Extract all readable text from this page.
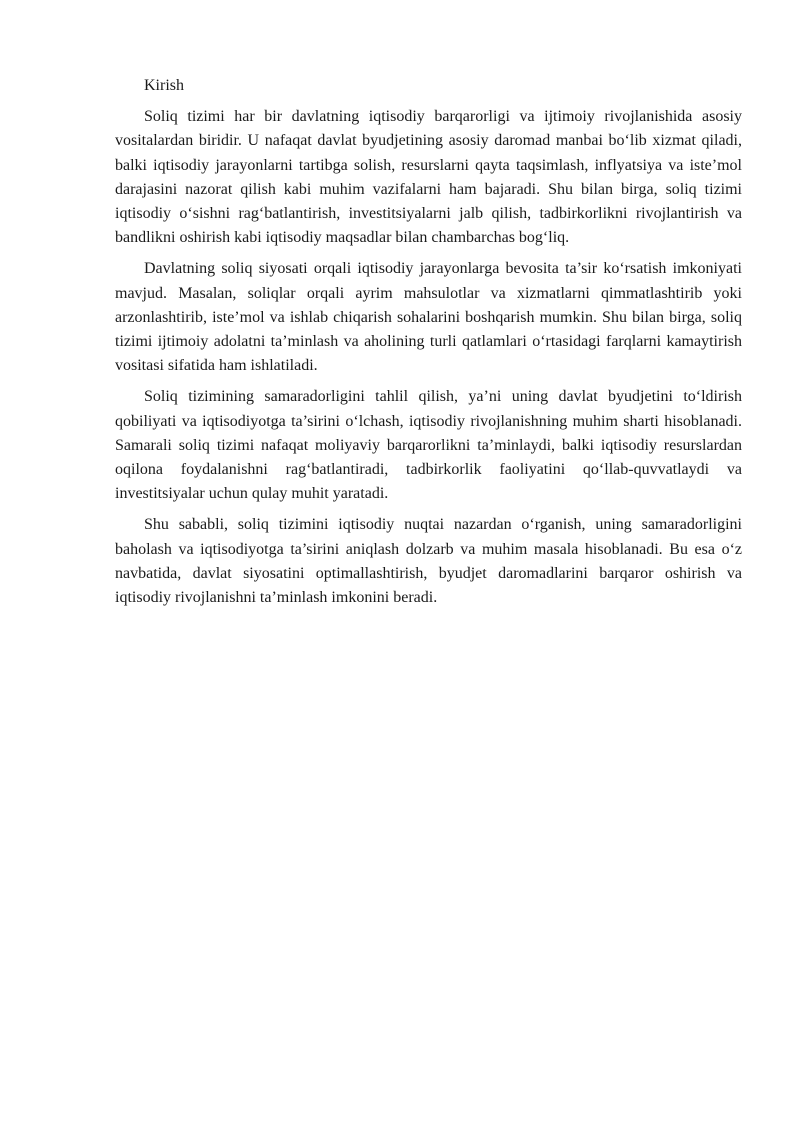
Kirish

Soliq tizimi har bir davlatning iqtisodiy barqarorligi va ijtimoiy rivojlanishida asosiy vositalardan biridir. U nafaqat davlat byudjetining asosiy daromad manbai bo‘lib xizmat qiladi, balki iqtisodiy jarayonlarni tartibga solish, resurslarni qayta taqsimlash, inflyatsiya va iste’mol darajasini nazorat qilish kabi muhim vazifalarni ham bajaradi. Shu bilan birga, soliq tizimi iqtisodiy o‘sishni rag‘batlantirish, investitsiyalarni jalb qilish, tadbirkorlikni rivojlantirish va bandlikni oshirish kabi iqtisodiy maqsadlar bilan chambarchas bog‘liq.

Davlatning soliq siyosati orqali iqtisodiy jarayonlarga bevosita ta’sir ko‘rsatish imkoniyati mavjud. Masalan, soliqlar orqali ayrim mahsulotlar va xizmatlarni qimmatlashtirib yoki arzonlashtirib, iste’mol va ishlab chiqarish sohalarini boshqarish mumkin. Shu bilan birga, soliq tizimi ijtimoiy adolatni ta’minlash va aholining turli qatlamlari o‘rtasidagi farqlarni kamaytirish vositasi sifatida ham ishlatiladi.

Soliq tizimining samaradorligini tahlil qilish, ya’ni uning davlat byudjetini to‘ldirish qobiliyati va iqtisodiyotga ta’sirini o‘lchash, iqtisodiy rivojlanishning muhim sharti hisoblanadi. Samarali soliq tizimi nafaqat moliyaviy barqarorlikni ta’minlaydi, balki iqtisodiy resurslardan oqilona foydalanishni rag‘batlantiradi, tadbirkorlik faoliyatini qo‘llab-quvvatlaydi va investitsiyalar uchun qulay muhit yaratadi.

Shu sababli, soliq tizimini iqtisodiy nuqtai nazardan o‘rganish, uning samaradorligini baholash va iqtisodiyotga ta’sirini aniqlash dolzarb va muhim masala hisoblanadi. Bu esa o‘z navbatida, davlat siyosatini optimallashtirish, byudjet daromadlarini barqaror oshirish va iqtisodiy rivojlanishni ta’minlash imkonini beradi.
